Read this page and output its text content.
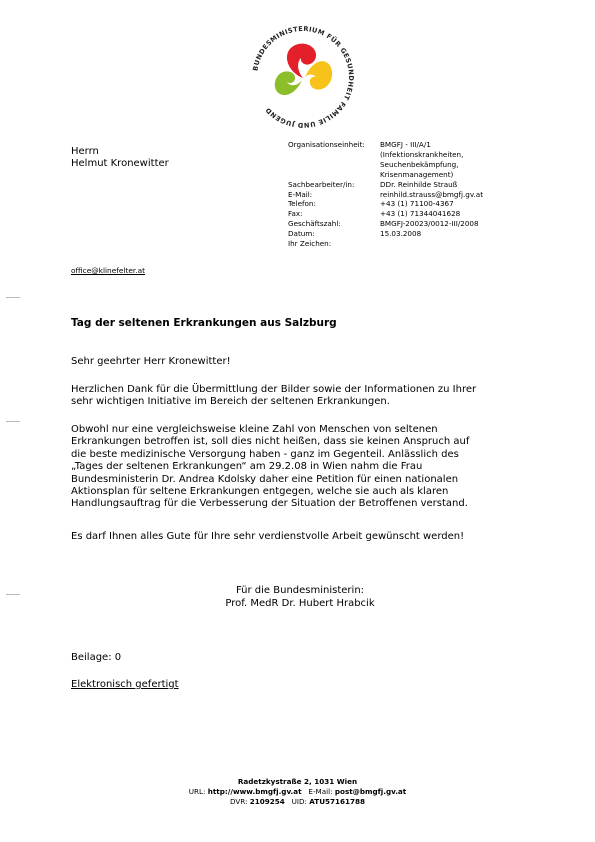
BUNDESMINISTERIUM FÜR GESUNDHEIT FAMILIE UND JUGEND
Herrn
Helmut Kronewitter
Organisationseinheit:

Sachbearbeiter/in:
E-Mail:
Telefon:
Fax:
Geschäftszahl:
Datum:
Ihr Zeichen:
BMGFJ - III/A/1
(Infektionskrankheiten,
Seuchenbekämpfung,
Krisenmanagement)
DDr. Reinhilde Strauß
reinhild.strauss@bmgfj.gv.at
+43 (1) 71100-4367
+43 (1) 71344041628
BMGFJ-20023/0012-III/2008
15.03.2008

office@klinefelter.at
Tag der seltenen Erkrankungen aus Salzburg

Sehr geehrter Herr Kronewitter!

Herzlichen Dank für die Übermittlung der Bilder sowie der Informationen zu Ihrer

sehr wichtigen Initiative im Bereich der seltenen Erkrankungen.

Obwohl nur eine vergleichsweise kleine Zahl von Menschen von seltenen

Erkrankungen betroffen ist, soll dies nicht heißen, dass sie keinen Anspruch auf

die beste medizinische Versorgung haben - ganz im Gegenteil. Anlässlich des

„Tages der seltenen Erkrankungen“ am 29.2.08 in Wien nahm die Frau

Bundesministerin Dr. Andrea Kdolsky daher eine Petition für einen nationalen

Aktionsplan für seltene Erkrankungen entgegen, welche sie auch als klaren

Handlungsauftrag für die Verbesserung der Situation der Betroffenen verstand.

Es darf Ihnen alles Gute für Ihre sehr verdienstvolle Arbeit gewünscht werden!

Für die Bundesministerin:
Prof. MedR Dr. Hubert Hrabcik
Beilage: 0
Elektronisch gefertigt
Radetzkystraße 2, 1031 Wien
URL: http://www.bmgfj.gv.at E-Mail: post@bmgfj.gv.at
DVR: 2109254 UID: ATU57161788
